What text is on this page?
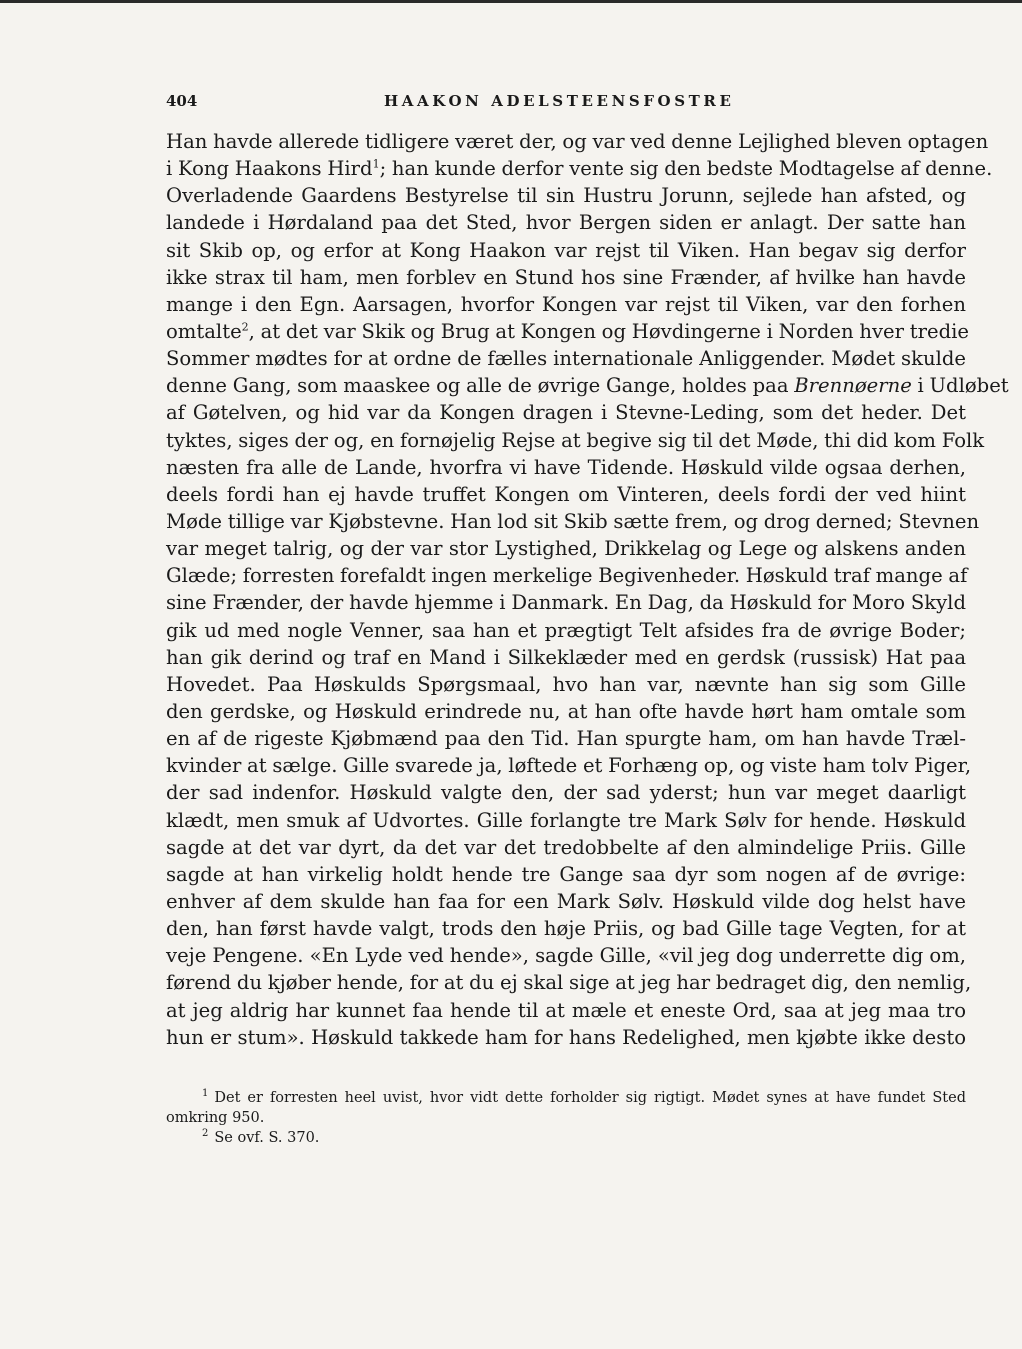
404	HAAKON ADELSTEENSFOSTRE
Han havde allerede tidligere været der, og var ved denne Lejlighed bleven optagen
i Kong Haakons Hird$^1$; han kunde derfor vente sig den bedste Modtagelse af denne.
Overladende Gaardens Bestyrelse til sin Hustru Jorunn, sejlede han afsted, og
landede i Hørdaland paa det Sted, hvor Bergen siden er anlagt. Der satte han
sit Skib op, og erfor at Kong Haakon var rejst til Viken. Han begav sig derfor
ikke strax til ham, men forblev en Stund hos sine Frænder, af hvilke han havde
mange i den Egn. Aarsagen, hvorfor Kongen var rejst til Viken, var den forhen
omtalte$^2$, at det var Skik og Brug at Kongen og Høvdingerne i Norden hver tredie
Sommer mødtes for at ordne de fælles internationale Anliggender. Mødet skulde
denne Gang, som maaskee og alle de øvrige Gange, holdes paa Brennøerne i Udløbet
af Gøtelven, og hid var da Kongen dragen i Stevne-Leding, som det heder. Det
tyktes, siges der og, en fornøjelig Rejse at begive sig til det Møde, thi did kom Folk
næsten fra alle de Lande, hvorfra vi have Tidende. Høskuld vilde ogsaa derhen,
deels fordi han ej havde truffet Kongen om Vinteren, deels fordi der ved hiint
Møde tillige var Kjøbstevne. Han lod sit Skib sætte frem, og drog derned; Stevnen
var meget talrig, og der var stor Lystighed, Drikkelag og Lege og alskens anden
Glæde; forresten forefaldt ingen merkelige Begivenheder. Høskuld traf mange af
sine Frænder, der havde hjemme i Danmark. En Dag, da Høskuld for Moro Skyld
gik ud med nogle Venner, saa han et prægtigt Telt afsides fra de øvrige Boder;
han gik derind og traf en Mand i Silkeklæder med en gerdsk (russisk) Hat paa
Hovedet. Paa Høskulds Spørgsmaal, hvo han var, nævnte han sig som Gille
den gerdske, og Høskuld erindrede nu, at han ofte havde hørt ham omtale som
en af de rigeste Kjøbmænd paa den Tid. Han spurgte ham, om han havde Træl-
kvinder at sælge. Gille svarede ja, løftede et Forhæng op, og viste ham tolv Piger,
der sad indenfor. Høskuld valgte den, der sad yderst; hun var meget daarligt
klædt, men smuk af Udvortes. Gille forlangte tre Mark Sølv for hende. Høskuld
sagde at det var dyrt, da det var det tredobbelte af den almindelige Priis. Gille
sagde at han virkelig holdt hende tre Gange saa dyr som nogen af de øvrige:
enhver af dem skulde han faa for een Mark Sølv. Høskuld vilde dog helst have
den, han først havde valgt, trods den høje Priis, og bad Gille tage Vegten, for at
veje Pengene. «En Lyde ved hende», sagde Gille, «vil jeg dog underrette dig om,
førend du kjøber hende, for at du ej skal sige at jeg har bedraget dig, den nemlig,
at jeg aldrig har kunnet faa hende til at mæle et eneste Ord, saa at jeg maa tro
hun er stum». Høskuld takkede ham for hans Redelighed, men kjøbte ikke desto
$^1$ Det er forresten heel uvist, hvor vidt dette forholder sig rigtigt. Mødet synes at have fundet Sted
omkring 950.
$^2$ Se ovf. S. 370.
